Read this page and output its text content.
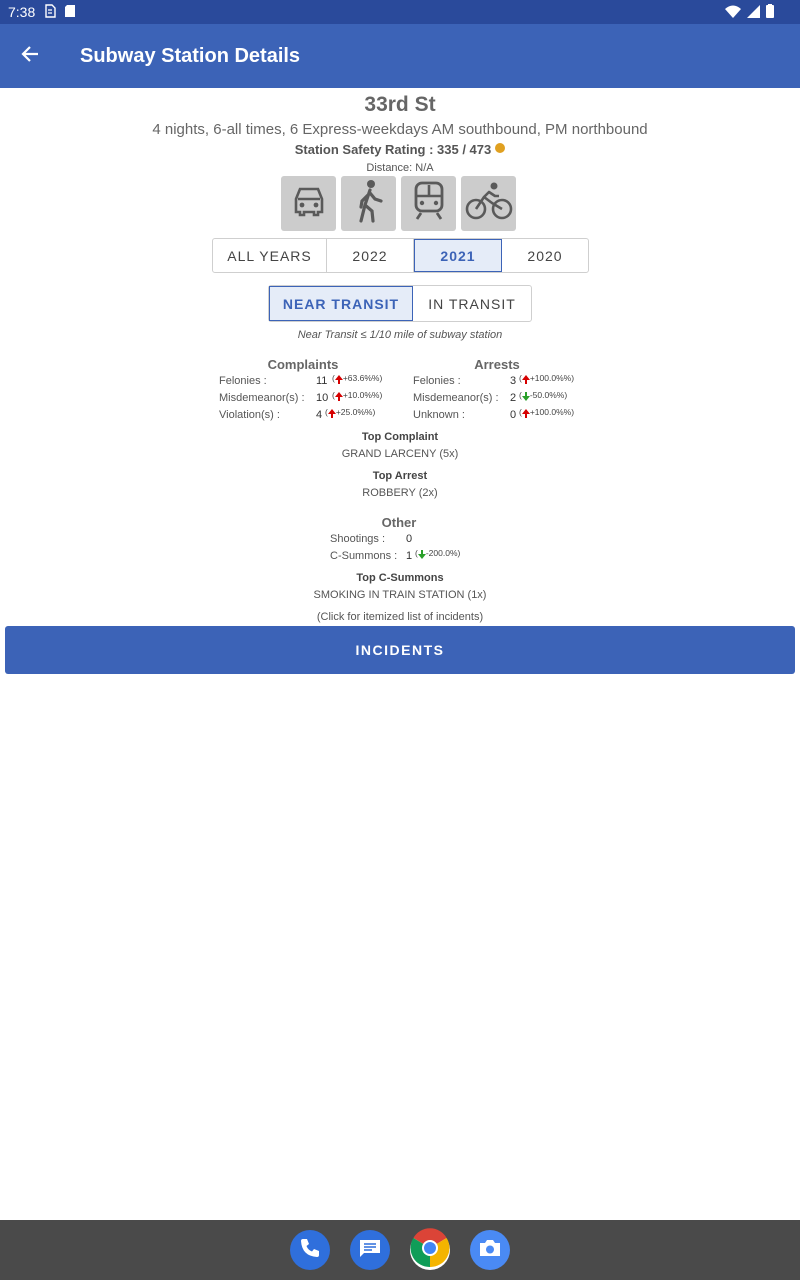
7:38
Subway Station Details
33rd St
4 nights, 6-all times, 6 Express-weekdays AM southbound, PM northbound
Station Safety Rating : 335 / 473
Distance: N/A
ALL YEARS	2022	2021	2020
NEAR TRANSIT	IN TRANSIT
Near Transit ≤ 1/10 mile of subway station
Complaints
Felonies :	11 ( +63.6%%)
Misdemeanor(s) : 10 ( +10.0%%)
Violation(s) :	4 ( +25.0%%)
Arrests
Felonies :	3 ( +100.0%%)
Misdemeanor(s) : 2 ( -50.0%%)
Unknown :	0 ( +100.0%%)
Top Complaint
GRAND LARCENY (5x)
Top Arrest
ROBBERY (2x)
Other
Shootings : 0
C-Summons : 1 ( -200.0%)
Top C-Summons
SMOKING IN TRAIN STATION (1x)
(Click for itemized list of incidents)
INCIDENTS
